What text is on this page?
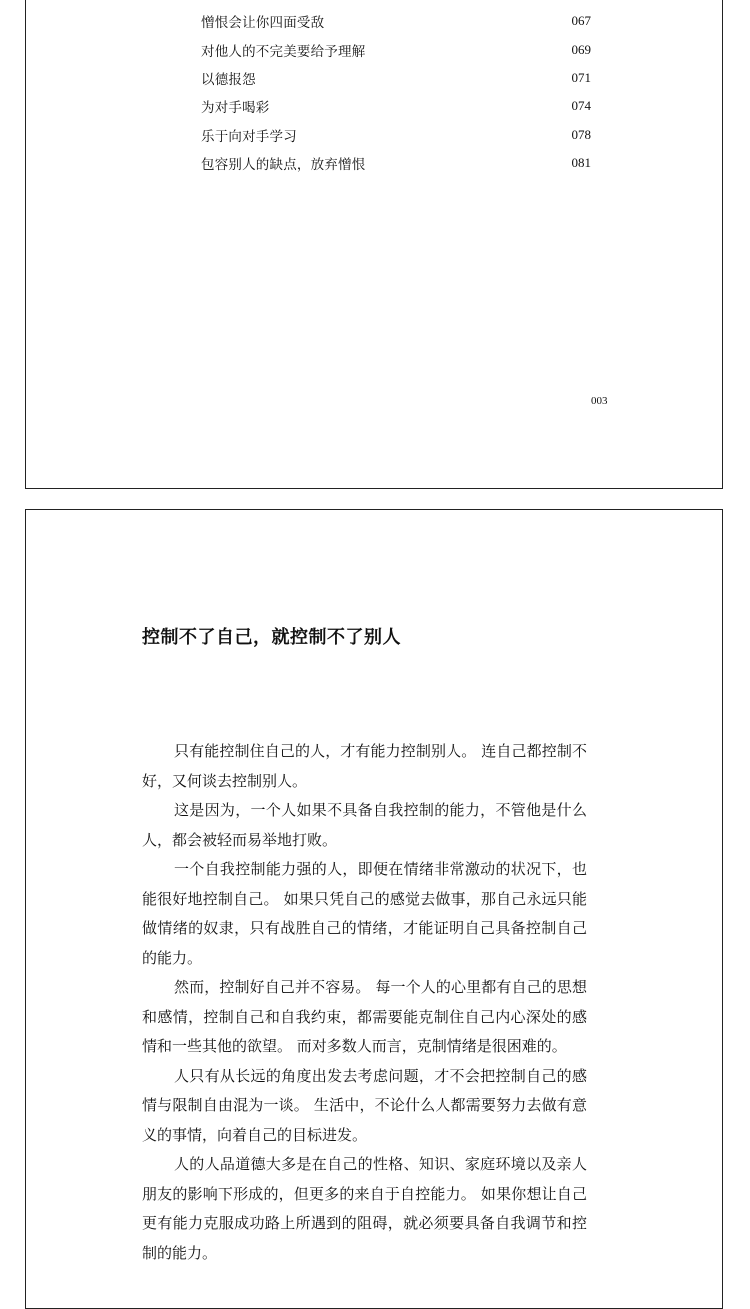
憎恨会让你四面受敌	067
对他人的不完美要给予理解	069
以德报怨	071
为对手喝彩	074
乐于向对手学习	078
包容别人的缺点，放弃憎恨	081
003
控制不了自己，就控制不了别人

只有能控制住自己的人，才有能力控制别人。 连自己都控制不好，又何谈去控制别人。

这是因为，一个人如果不具备自我控制的能力，不管他是什么人，都会被轻而易举地打败。

一个自我控制能力强的人，即便在情绪非常激动的状况下，也能很好地控制自己。 如果只凭自己的感觉去做事，那自己永远只能做情绪的奴隶，只有战胜自己的情绪，才能证明自己具备控制自己的能力。

然而，控制好自己并不容易。 每一个人的心里都有自己的思想和感情，控制自己和自我约束，都需要能克制住自己内心深处的感情和一些其他的欲望。 而对多数人而言，克制情绪是很困难的。

人只有从长远的角度出发去考虑问题，才不会把控制自己的感情与限制自由混为一谈。 生活中，不论什么人都需要努力去做有意义的事情，向着自己的目标进发。

人的人品道德大多是在自己的性格、知识、家庭环境以及亲人朋友的影响下形成的，但更多的来自于自控能力。 如果你想让自己更有能力克服成功路上所遇到的阻碍，就必须要具备自我调节和控制的能力。
